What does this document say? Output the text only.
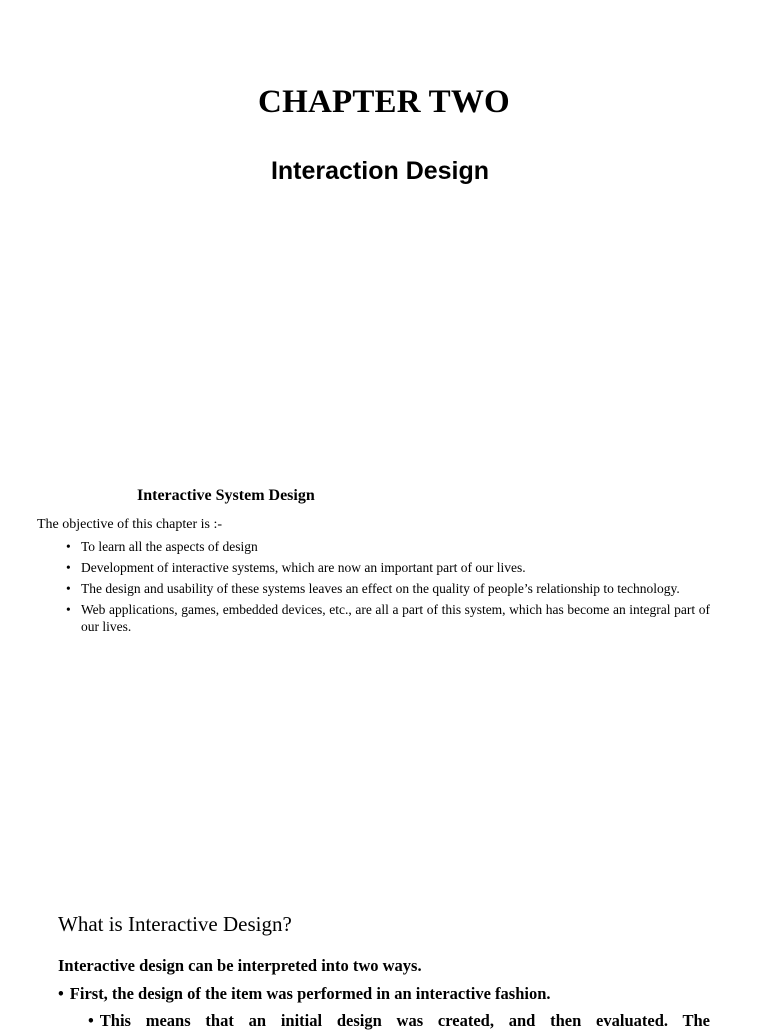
CHAPTER TWO
Interaction Design
Interactive System Design
The objective of this chapter is :-
• To learn all the aspects of design
• Development of interactive systems, which are now an important part of our lives.
• The design and usability of these systems leaves an effect on the quality of people’s relationship to technology.
• Web applications, games, embedded devices, etc., are all a part of this system, which has become an integral part of our lives.
What is Interactive Design?
Interactive design can be interpreted into two ways.
• First, the design of the item was performed in an interactive fashion.
• This means that an initial design was created, and then evaluated. The
